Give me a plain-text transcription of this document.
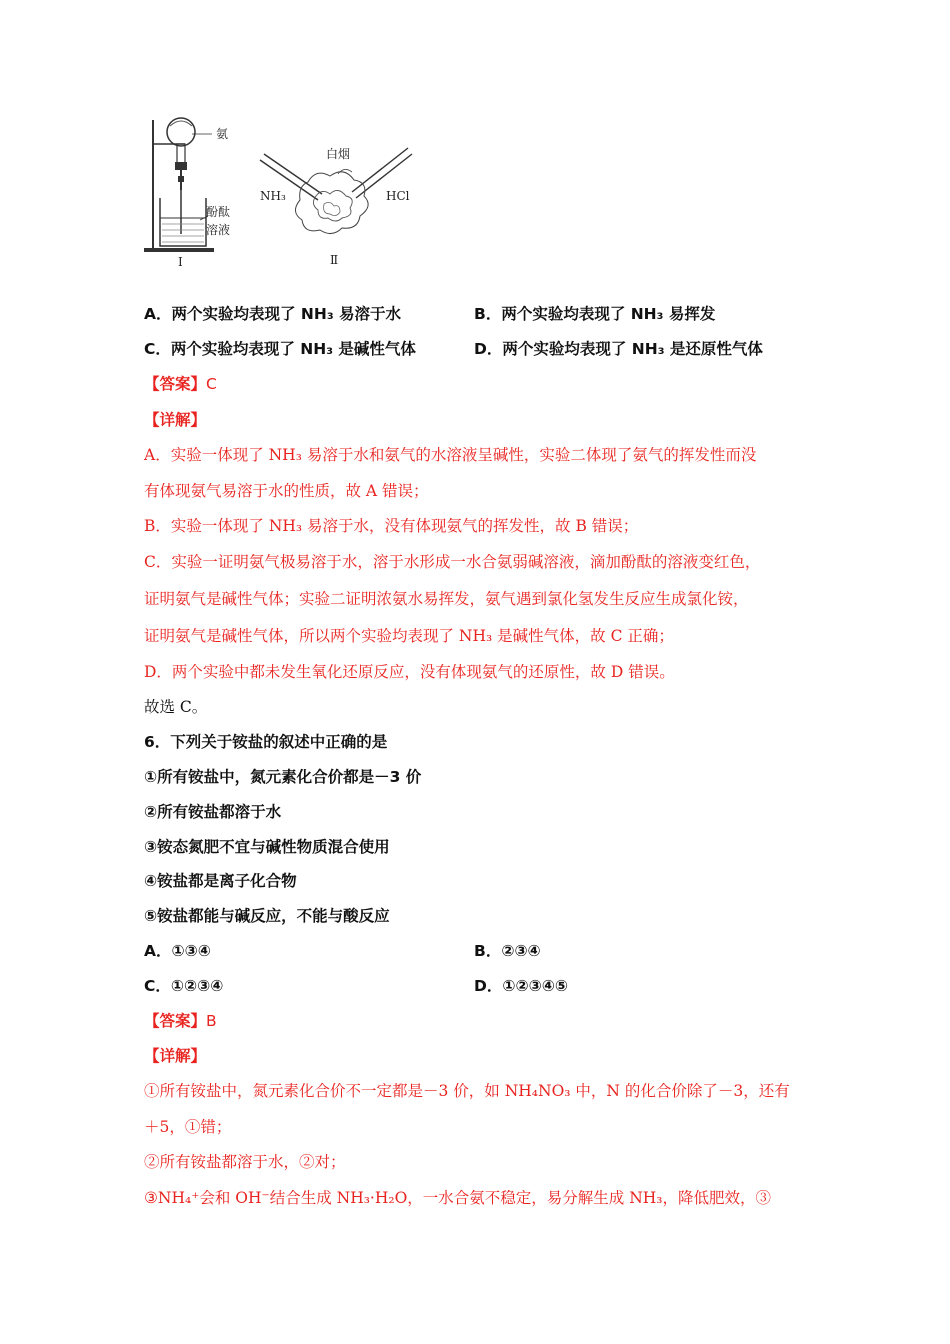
氨
酚酞
溶液
Ⅰ
白烟
NH₃	HCl
Ⅱ
A．两个实验均表现了 NH₃ 易溶于水	B．两个实验均表现了 NH₃ 易挥发
C．两个实验均表现了 NH₃ 是碱性气体	D．两个实验均表现了 NH₃ 是还原性气体
【答案】C
【详解】
A．实验一体现了 NH₃ 易溶于水和氨气的水溶液呈碱性，实验二体现了氨气的挥发性而没
有体现氨气易溶于水的性质，故 A 错误；
B．实验一体现了 NH₃ 易溶于水，没有体现氨气的挥发性，故 B 错误；
C．实验一证明氨气极易溶于水，溶于水形成一水合氨弱碱溶液，滴加酚酞的溶液变红色，
证明氨气是碱性气体；实验二证明浓氨水易挥发，氨气遇到氯化氢发生反应生成氯化铵，
证明氨气是碱性气体，所以两个实验均表现了 NH₃ 是碱性气体，故 C 正确；
D．两个实验中都未发生氧化还原反应，没有体现氨气的还原性，故 D 错误。
故选 C。
6．下列关于铵盐的叙述中正确的是
①所有铵盐中，氮元素化合价都是－3 价
②所有铵盐都溶于水
③铵态氮肥不宜与碱性物质混合使用
④铵盐都是离子化合物
⑤铵盐都能与碱反应，不能与酸反应
A．①③④	B．②③④
C．①②③④	D．①②③④⑤
【答案】B
【详解】
①所有铵盐中，氮元素化合价不一定都是－3 价，如 NH₄NO₃ 中，N 的化合价除了－3，还有
＋5，①错；
②所有铵盐都溶于水，②对；
③NH₄⁺会和 OH⁻结合生成 NH₃·H₂O，一水合氨不稳定，易分解生成 NH₃，降低肥效，③
